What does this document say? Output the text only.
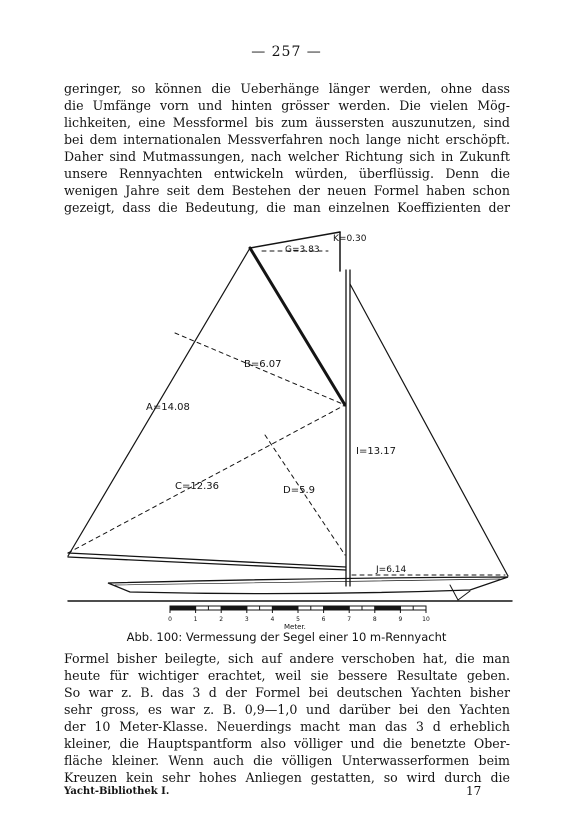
— 257 —
geringer, so können die Ueberhänge länger werden, ohne dass
die Umfänge vorn und hinten grösser werden. Die vielen Mög-
lichkeiten, eine Messformel bis zum äussersten auszunutzen, sind
bei dem internationalen Messverfahren noch lange nicht erschöpft.
Daher sind Mutmassungen, nach welcher Richtung sich in Zukunft
unsere Rennyachten entwickeln würden, überflüssig. Denn die
wenigen Jahre seit dem Bestehen der neuen Formel haben schon
gezeigt, dass die Bedeutung, die man einzelnen Koeffizienten der
K=0.30
G=3.83
B=6.07
A=14.08
I=13.17
C=12.36	D=5.9
J=6.14
0	1	2	3	4	5	6	7	8	9	10
Meter.
Abb. 100: Vermessung der Segel einer 10 m-Rennyacht
Formel bisher beilegte, sich auf andere verschoben hat, die man
heute für wichtiger erachtet, weil sie bessere Resultate geben.
So war z. B. das 3 d der Formel bei deutschen Yachten bisher
sehr gross, es war z. B. 0,9—1,0 und darüber bei den Yachten
der 10 Meter-Klasse. Neuerdings macht man das 3 d erheblich
kleiner, die Hauptspantform also völliger und die benetzte Ober-
fläche kleiner. Wenn auch die völligen Unterwasserformen beim
Kreuzen kein sehr hohes Anliegen gestatten, so wird durch die
Yacht-Bibliothek I.	17
